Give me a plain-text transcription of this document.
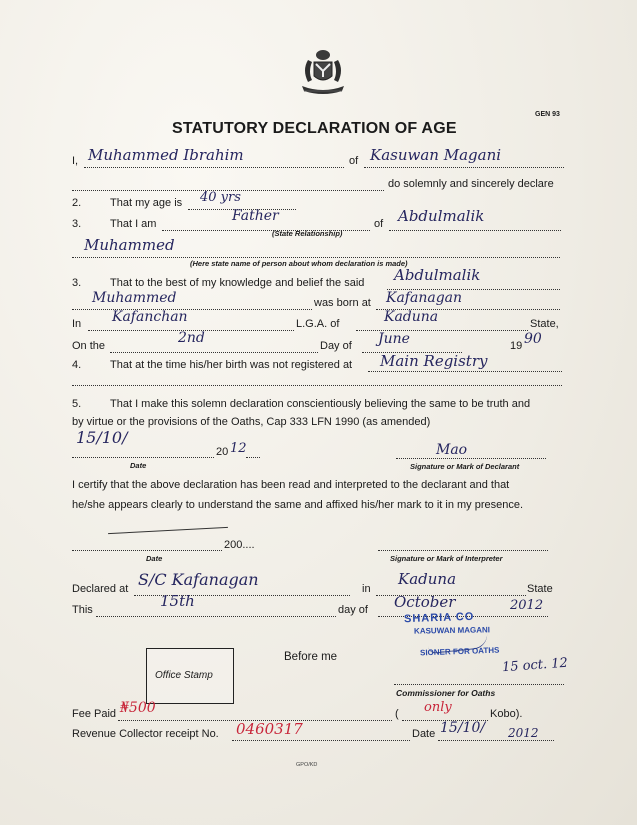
GEN 93
STATUTORY DECLARATION OF AGE
I, Muhammed Ibrahim	of Kasuwan Magani
do solemnly and sincerely declare
2.	That my age is 40 yrs
3.	That I am	Father	of Abdulmalik
(State Relationship)
Muhammed
(Here state name of person about whom declaration is made)
3.	That to the best of my knowledge and belief the said Abdulmalik
Muhammed	was born at Kafanagan
In Kafanchan	L.G.A. of	Kaduna	State,
On the	2nd	Day of June	19 90
4.	That at the time his/her birth was not registered at Main Registry
5.	That I make this solemn declaration conscientiously believing the same to be truth and
by virtue or the provisions of the Oaths, Cap 333 LFN 1990 (as amended)
15/10/
20 12
Date
Mao
Signature or Mark of Declarant
I certify that the above declaration has been read and interpreted to the declarant and that
he/she appears clearly to understand the same and affixed his/her mark to it in my presence.
200....
Date	Signature or Mark of Interpreter
Declared at S/C Kafanagan	in
Kaduna
State
This	15th	day of October	2012
SHARIA CO
KASUWAN MAGANI
SIONER FOR OATHS
15 oct. 12
Office Stamp
Before me
Commissioner for Oaths
Fee Paid ₦500	( only	Kobo).
Revenue Collector receipt No. 0460317	Date 15/10/ 2012
GPO/KD
